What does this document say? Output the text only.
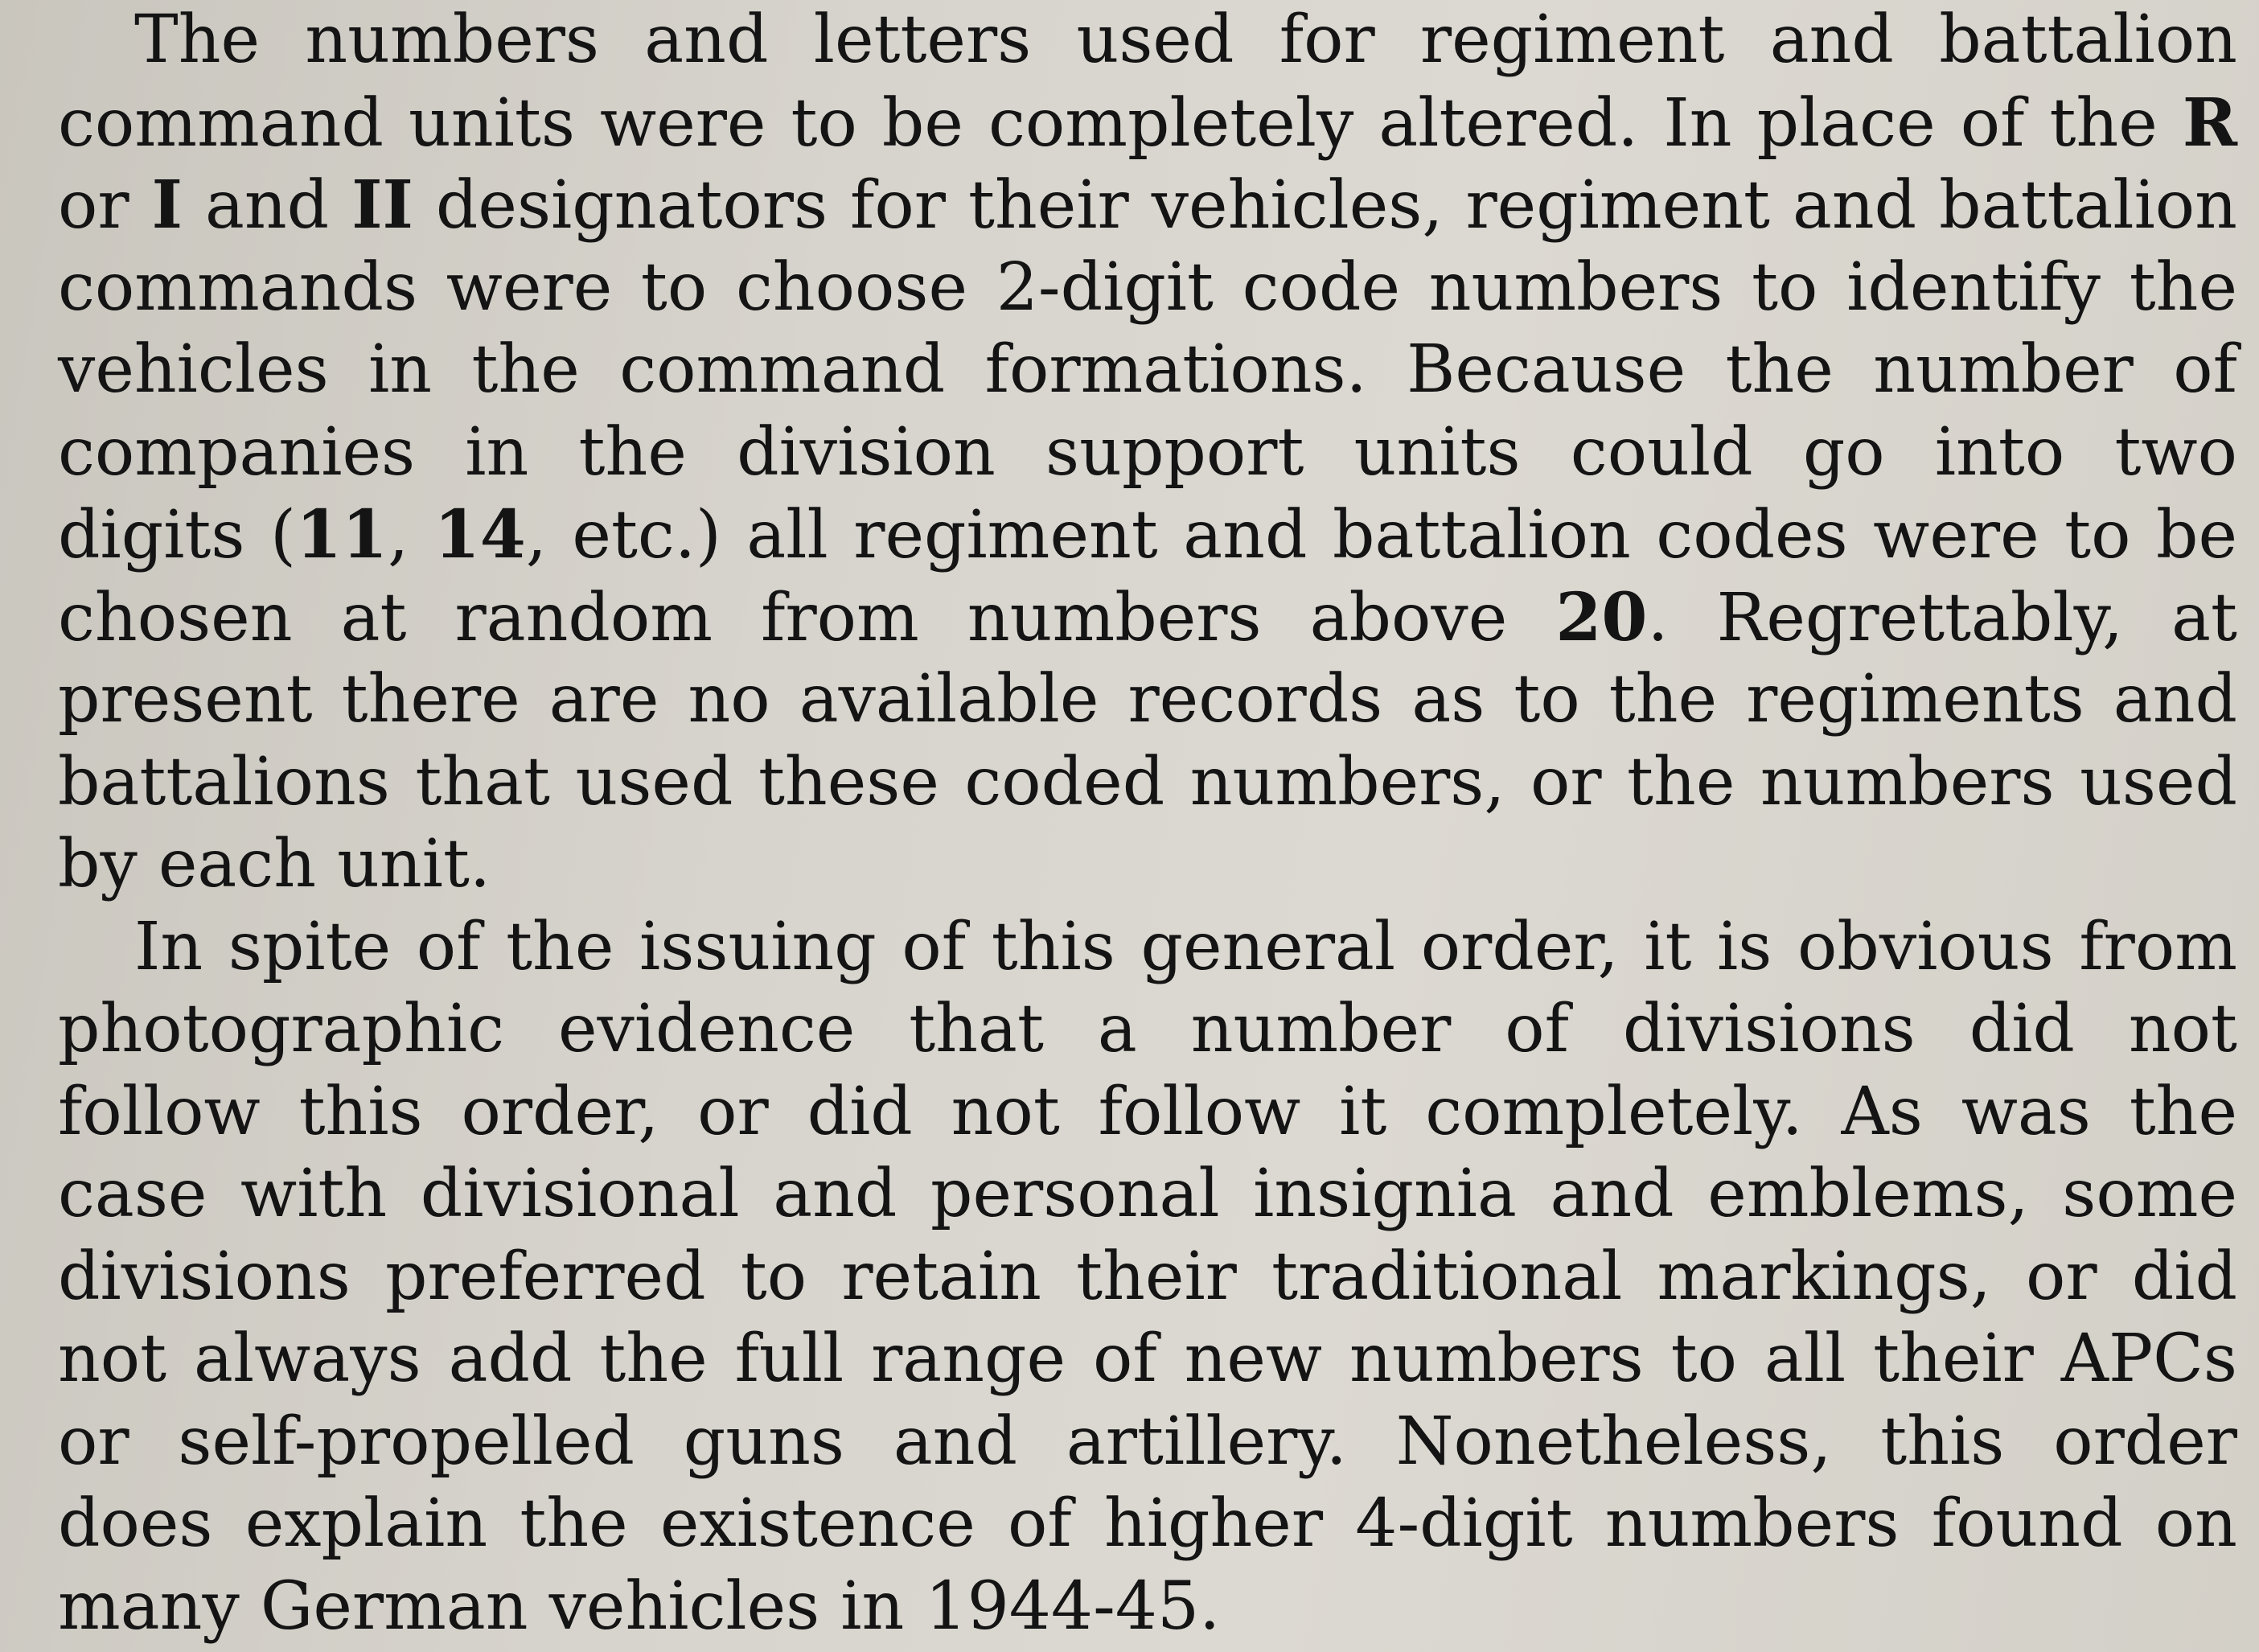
The numbers and letters used for regiment and battalion
command units were to be completely altered. In place of the R
or I and II designators for their vehicles, regiment and battalion
commands were to choose 2-digit code numbers to identify the
vehicles in the command formations. Because the number of
companies in the division support units could go into two
digits (11, 14, etc.) all regiment and battalion codes were to be
chosen at random from numbers above 20. Regrettably, at
present there are no available records as to the regiments and
battalions that used these coded numbers, or the numbers used
by each unit.
In spite of the issuing of this general order, it is obvious from
photographic evidence that a number of divisions did not
follow this order, or did not follow it completely. As was the
case with divisional and personal insignia and emblems, some
divisions preferred to retain their traditional markings, or did
not always add the full range of new numbers to all their APCs
or self-propelled guns and artillery. Nonetheless, this order
does explain the existence of higher 4-digit numbers found on
many German vehicles in 1944-45.
